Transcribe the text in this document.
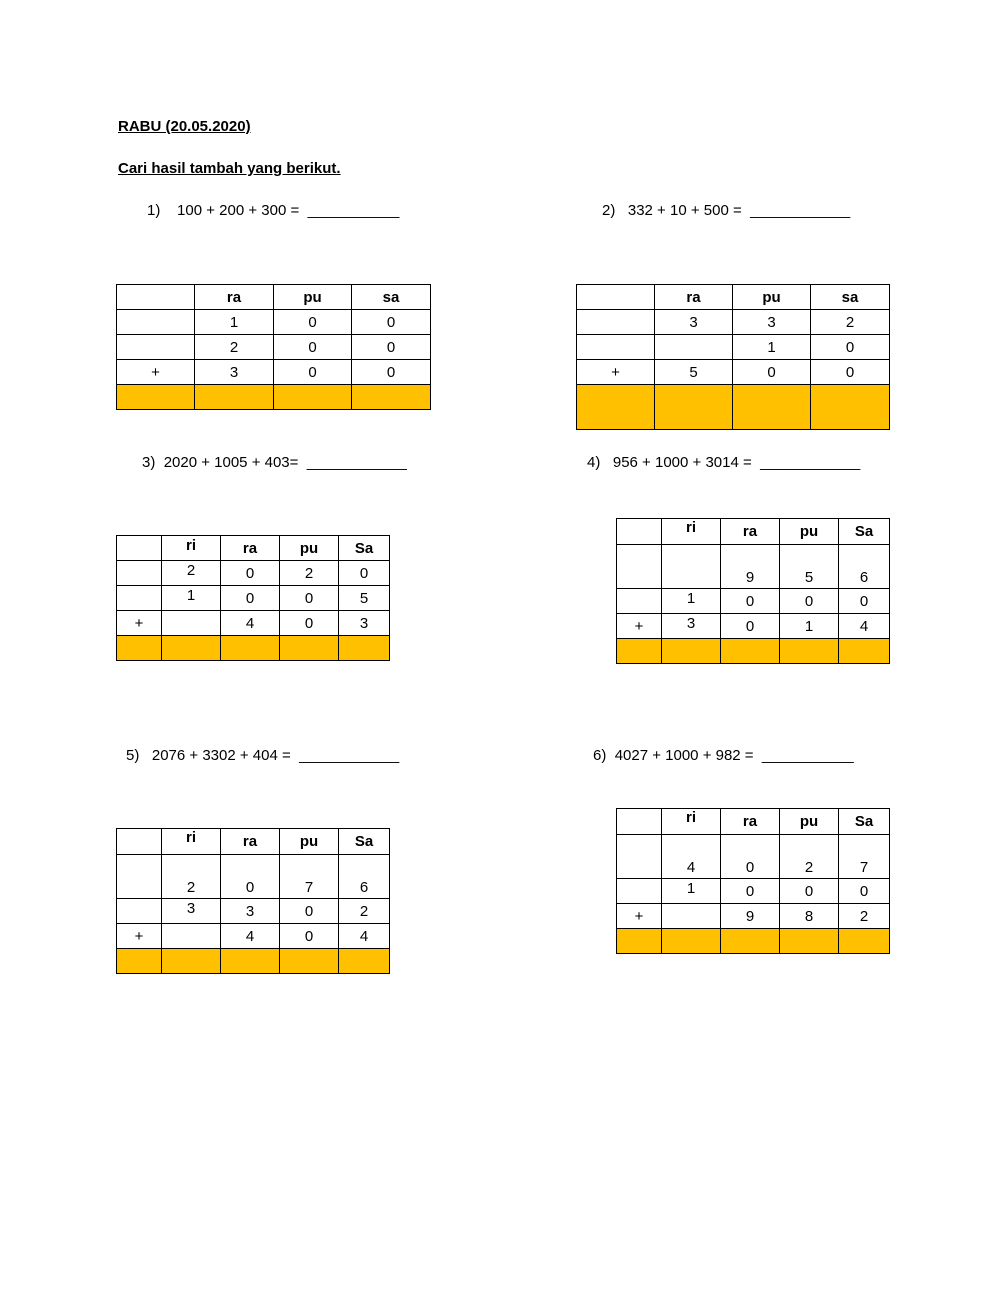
RABU (20.05.2020)
Cari hasil tambah yang berikut.
1) 100 + 200 + 300 = ___________
	ra	pu	sa
	1	0	0
	2	0	0
+	3	0	0

2) 332 + 10 + 500 = ____________
	ra	pu	sa
	3	3	2
		1	0
+	5	0	0

3) 2020 + 1005 + 403= ____________
	ri	ra	pu	Sa
	2	0	2	0
	1	0	0	5
+		4	0	3

4) 956 + 1000 + 3014 = ____________
	ri	ra	pu	Sa
		9	5	6
	1	0	0	0
+	3	0	1	4

5) 2076 + 3302 + 404 = ____________
	ri	ra	pu	Sa
	2	0	7	6
	3	3	0	2
+		4	0	4

6) 4027 + 1000 + 982 = ___________
	ri	ra	pu	Sa
	4	0	2	7
	1	0	0	0
+		9	8	2
